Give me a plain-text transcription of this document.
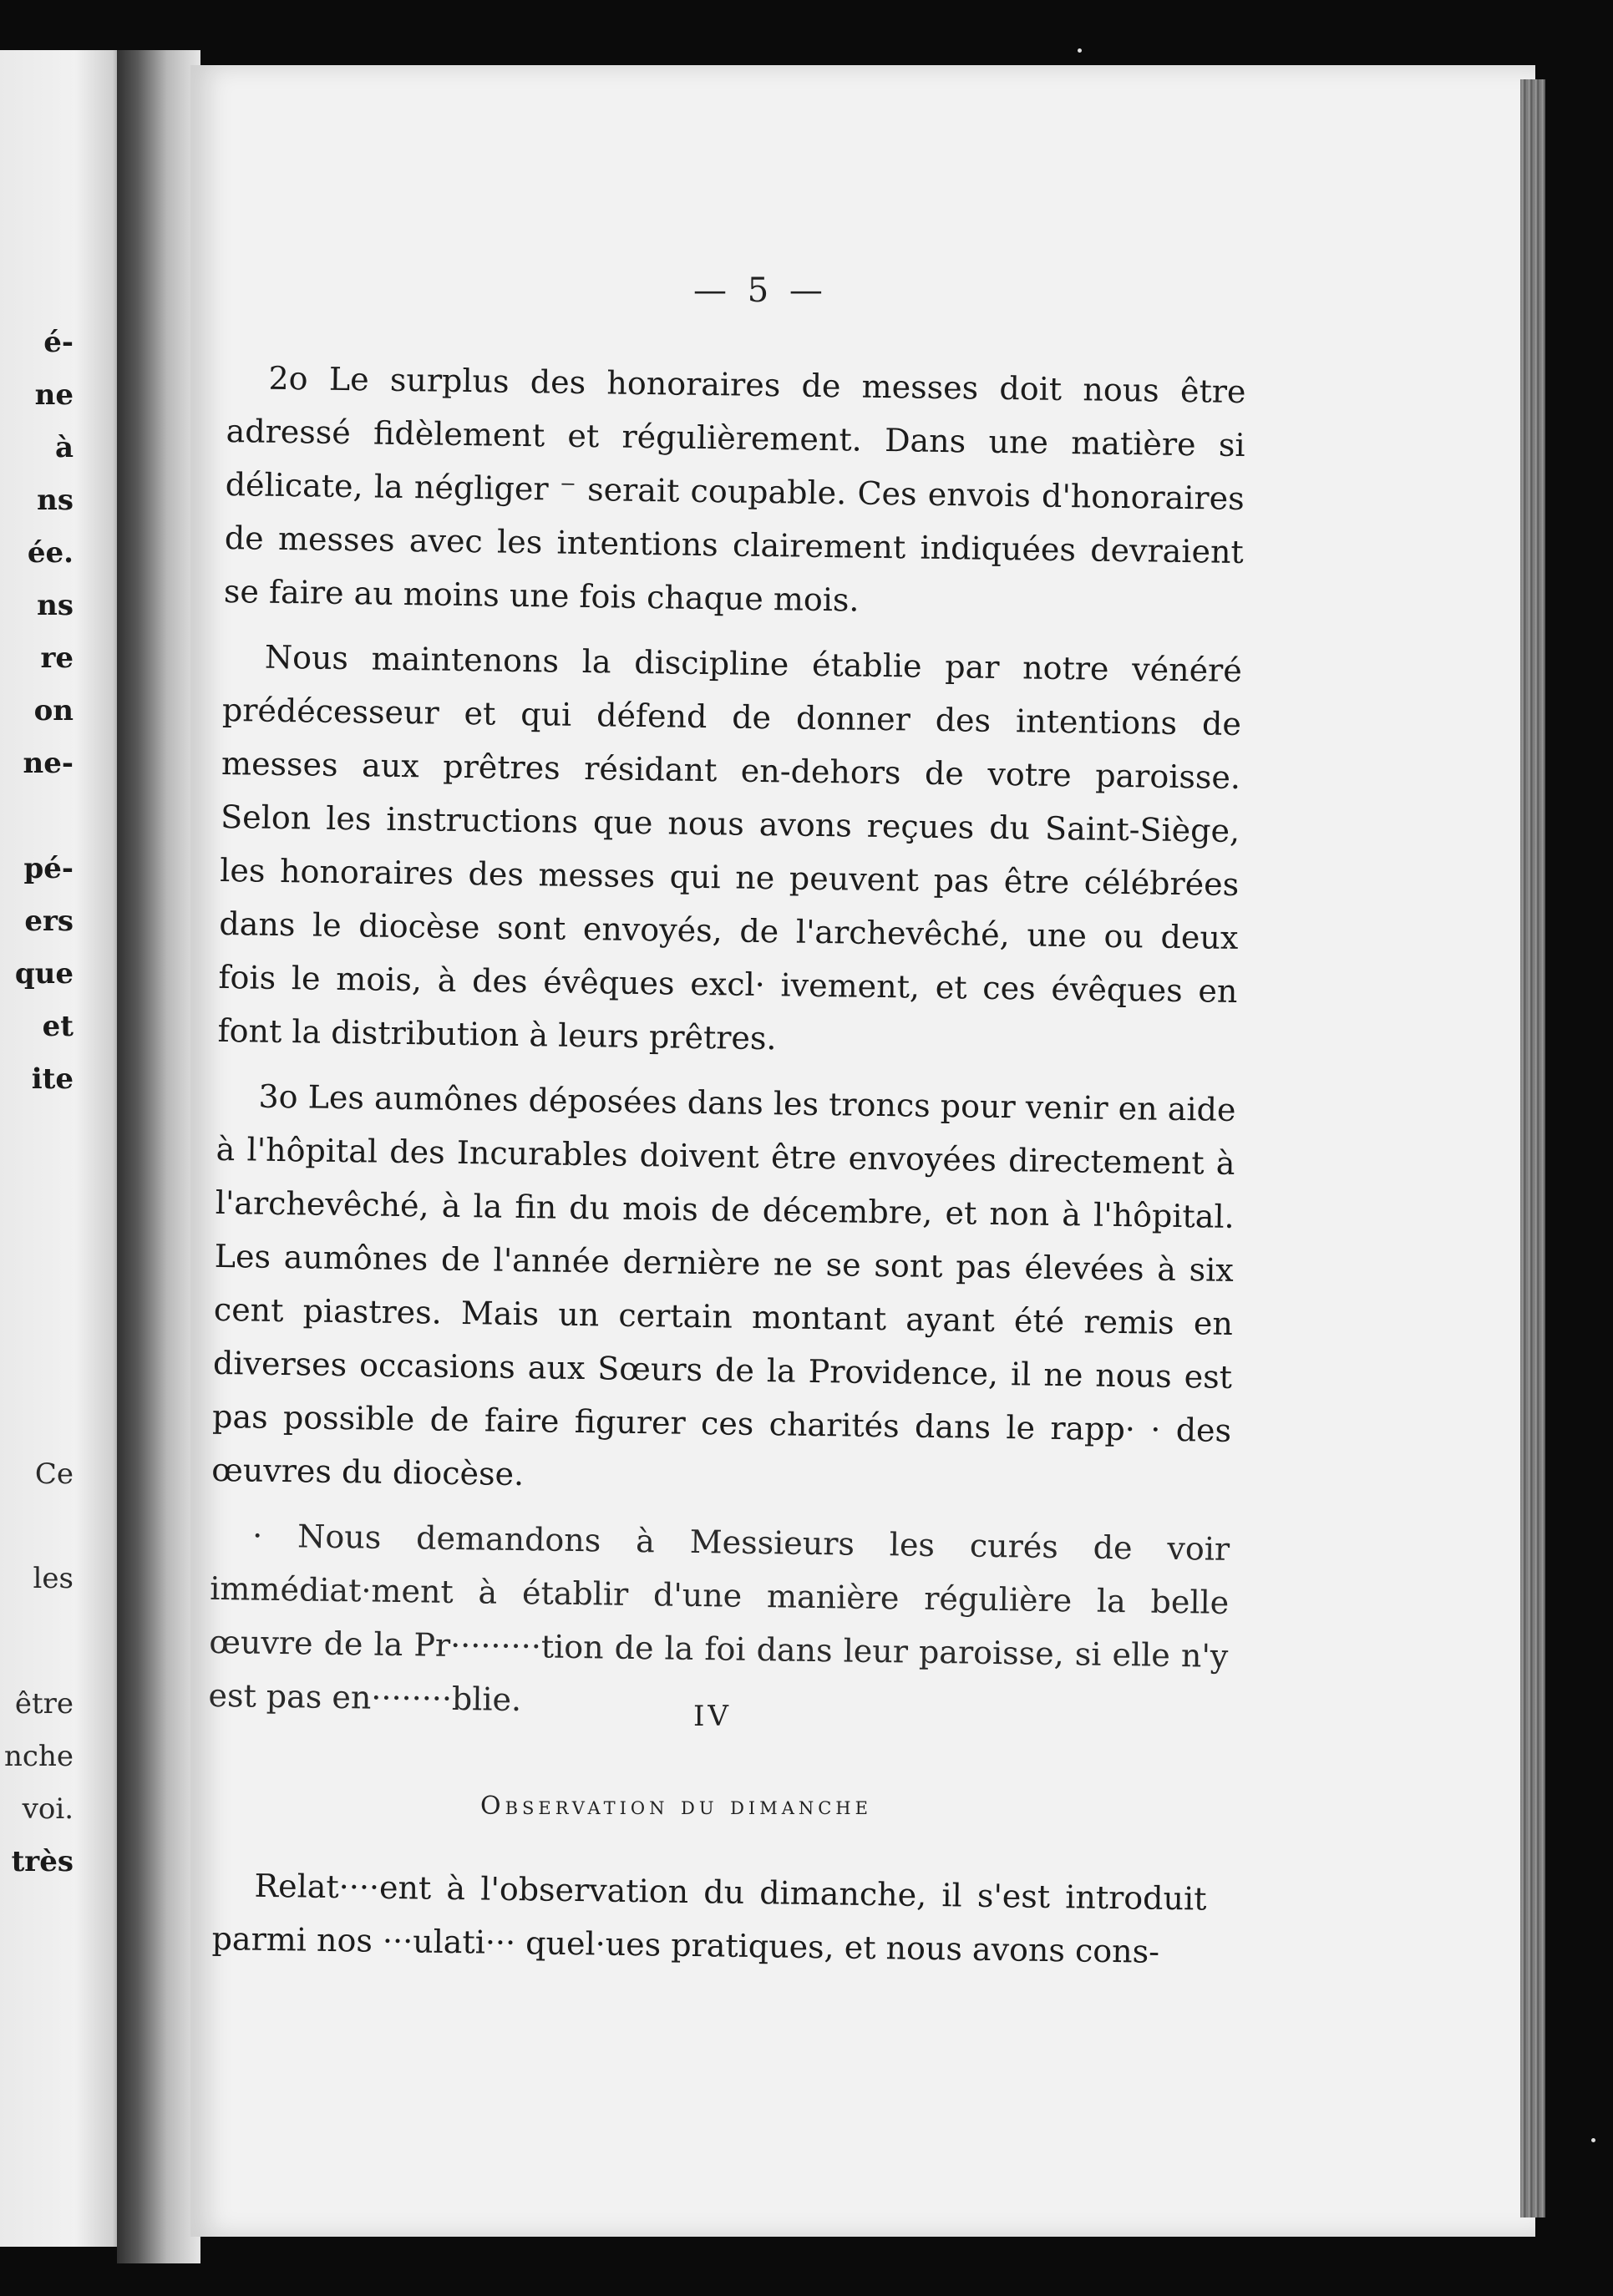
é-
ne
à
ns
ée.
ns
re
on
ne-
pé-
ers
que
et
ite
Ce
les
être
nche
voi.
très
— 5 —

2o Le surplus des honoraires de messes doit nous être adressé fidèlement et régulièrement. Dans une matière si délicate, la négliger ⁻ serait coupable. Ces envois d'honoraires de messes avec les intentions clairement indiquées devraient se faire au moins une fois chaque mois.

Nous maintenons la discipline établie par notre vénéré prédécesseur et qui défend de donner des intentions de messes aux prêtres résidant en-dehors de votre paroisse. Selon les instructions que nous avons reçues du Saint-Siège, les honoraires des messes qui ne peuvent pas être célébrées dans le diocèse sont envoyés, de l'archevêché, une ou deux fois le mois, à des évêques excl· ivement, et ces évêques en font la distribution à leurs prêtres.

3o Les aumônes déposées dans les troncs pour venir en aide à l'hôpital des Incurables doivent être envoyées directement à l'archevêché, à la fin du mois de décembre, et non à l'hôpital. Les aumônes de l'année dernière ne se sont pas élevées à six cent piastres. Mais un certain montant ayant été remis en diverses occasions aux Sœurs de la Providence, il ne nous est pas possible de faire figurer ces charités dans le rapp· · des œuvres du diocèse.

· Nous demandons à Messieurs les curés de voir immédiat·ment à établir d'une manière régulière la belle œuvre de la Pr·········tion de la foi dans leur paroisse, si elle n'y est pas en········blie.	IV
Observation du dimanche
Relat····ent à l'observation du dimanche, il s'est introduit parmi nos ···ulati··· quel·ues pratiques, et nous avons cons-
